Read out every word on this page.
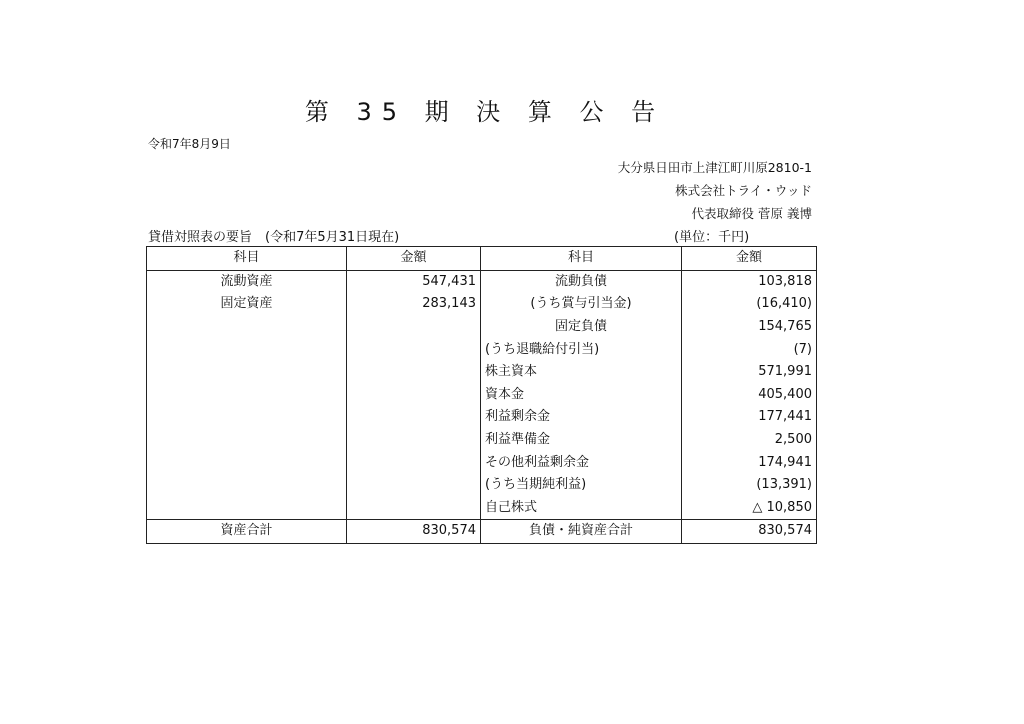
第 35 期 決 算 公 告
令和7年8月9日
大分県日田市上津江町川原2810-1
株式会社トライ・ウッド
代表取締役 菅原 義博
貸借対照表の要旨　(令和7年5月31日現在)	(単位：千円)
科目	金額	科目	金額
流動資産	547,431	流動負債	103,818
固定資産	283,143	(うち賞与引当金)	(16,410)
		固定負債	154,765
		(うち退職給付引当)	(7)
		株主資本	571,991
		資本金	405,400
		利益剰余金	177,441
		利益準備金	2,500
		その他利益剰余金	174,941
		(うち当期純利益)	(13,391)
		自己株式	△ 10,850
資産合計	830,574	負債・純資産合計	830,574
